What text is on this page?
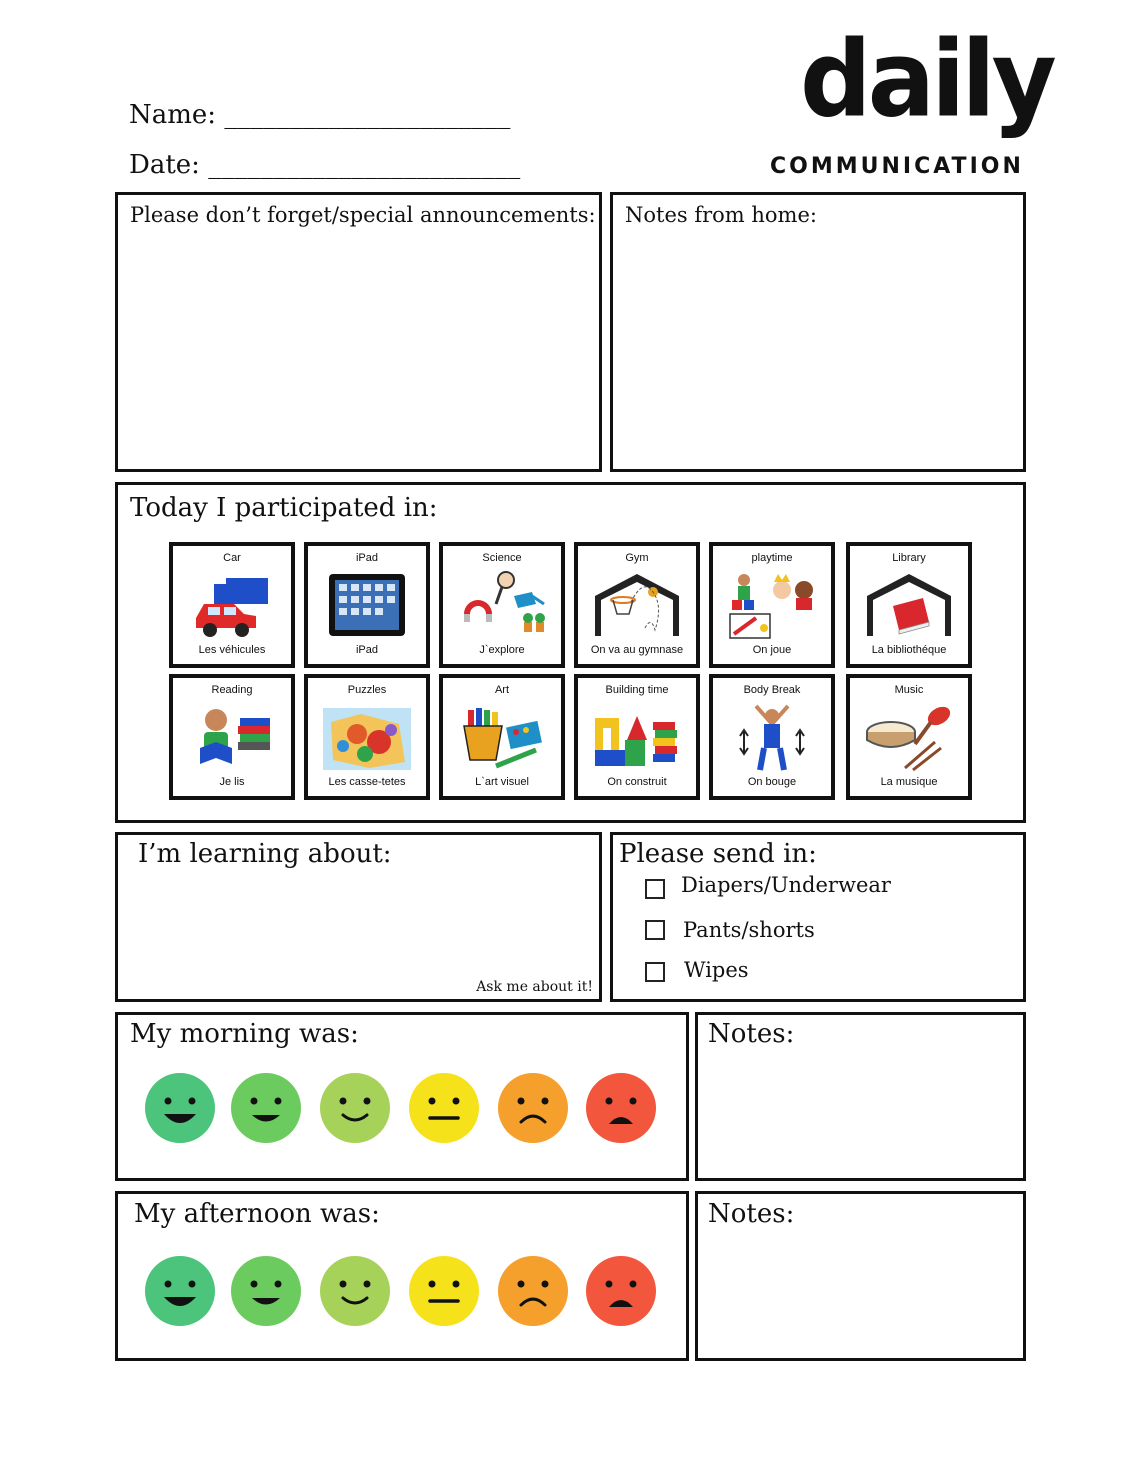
Name: ______________________
Date: ________________________
daily
COMMUNICATION
Please don’t forget/special announcements: Notes from home:
Today I participated in:
Car
Les véhicules
iPad
iPad
Science
J`explore
Gym
On va au gymnase
playtime
On joue
Library
La bibliothéque
Reading
Je lis
Puzzles
Les casse-tetes
Art
L`art visuel
Building time
On construit
Body Break
On bouge
Music
La musique
I’m learning about:
Ask me about it!
Please send in:
Diapers/Underwear
Pants/shorts
Wipes
My morning was:	Notes:
My afternoon was:	Notes:
